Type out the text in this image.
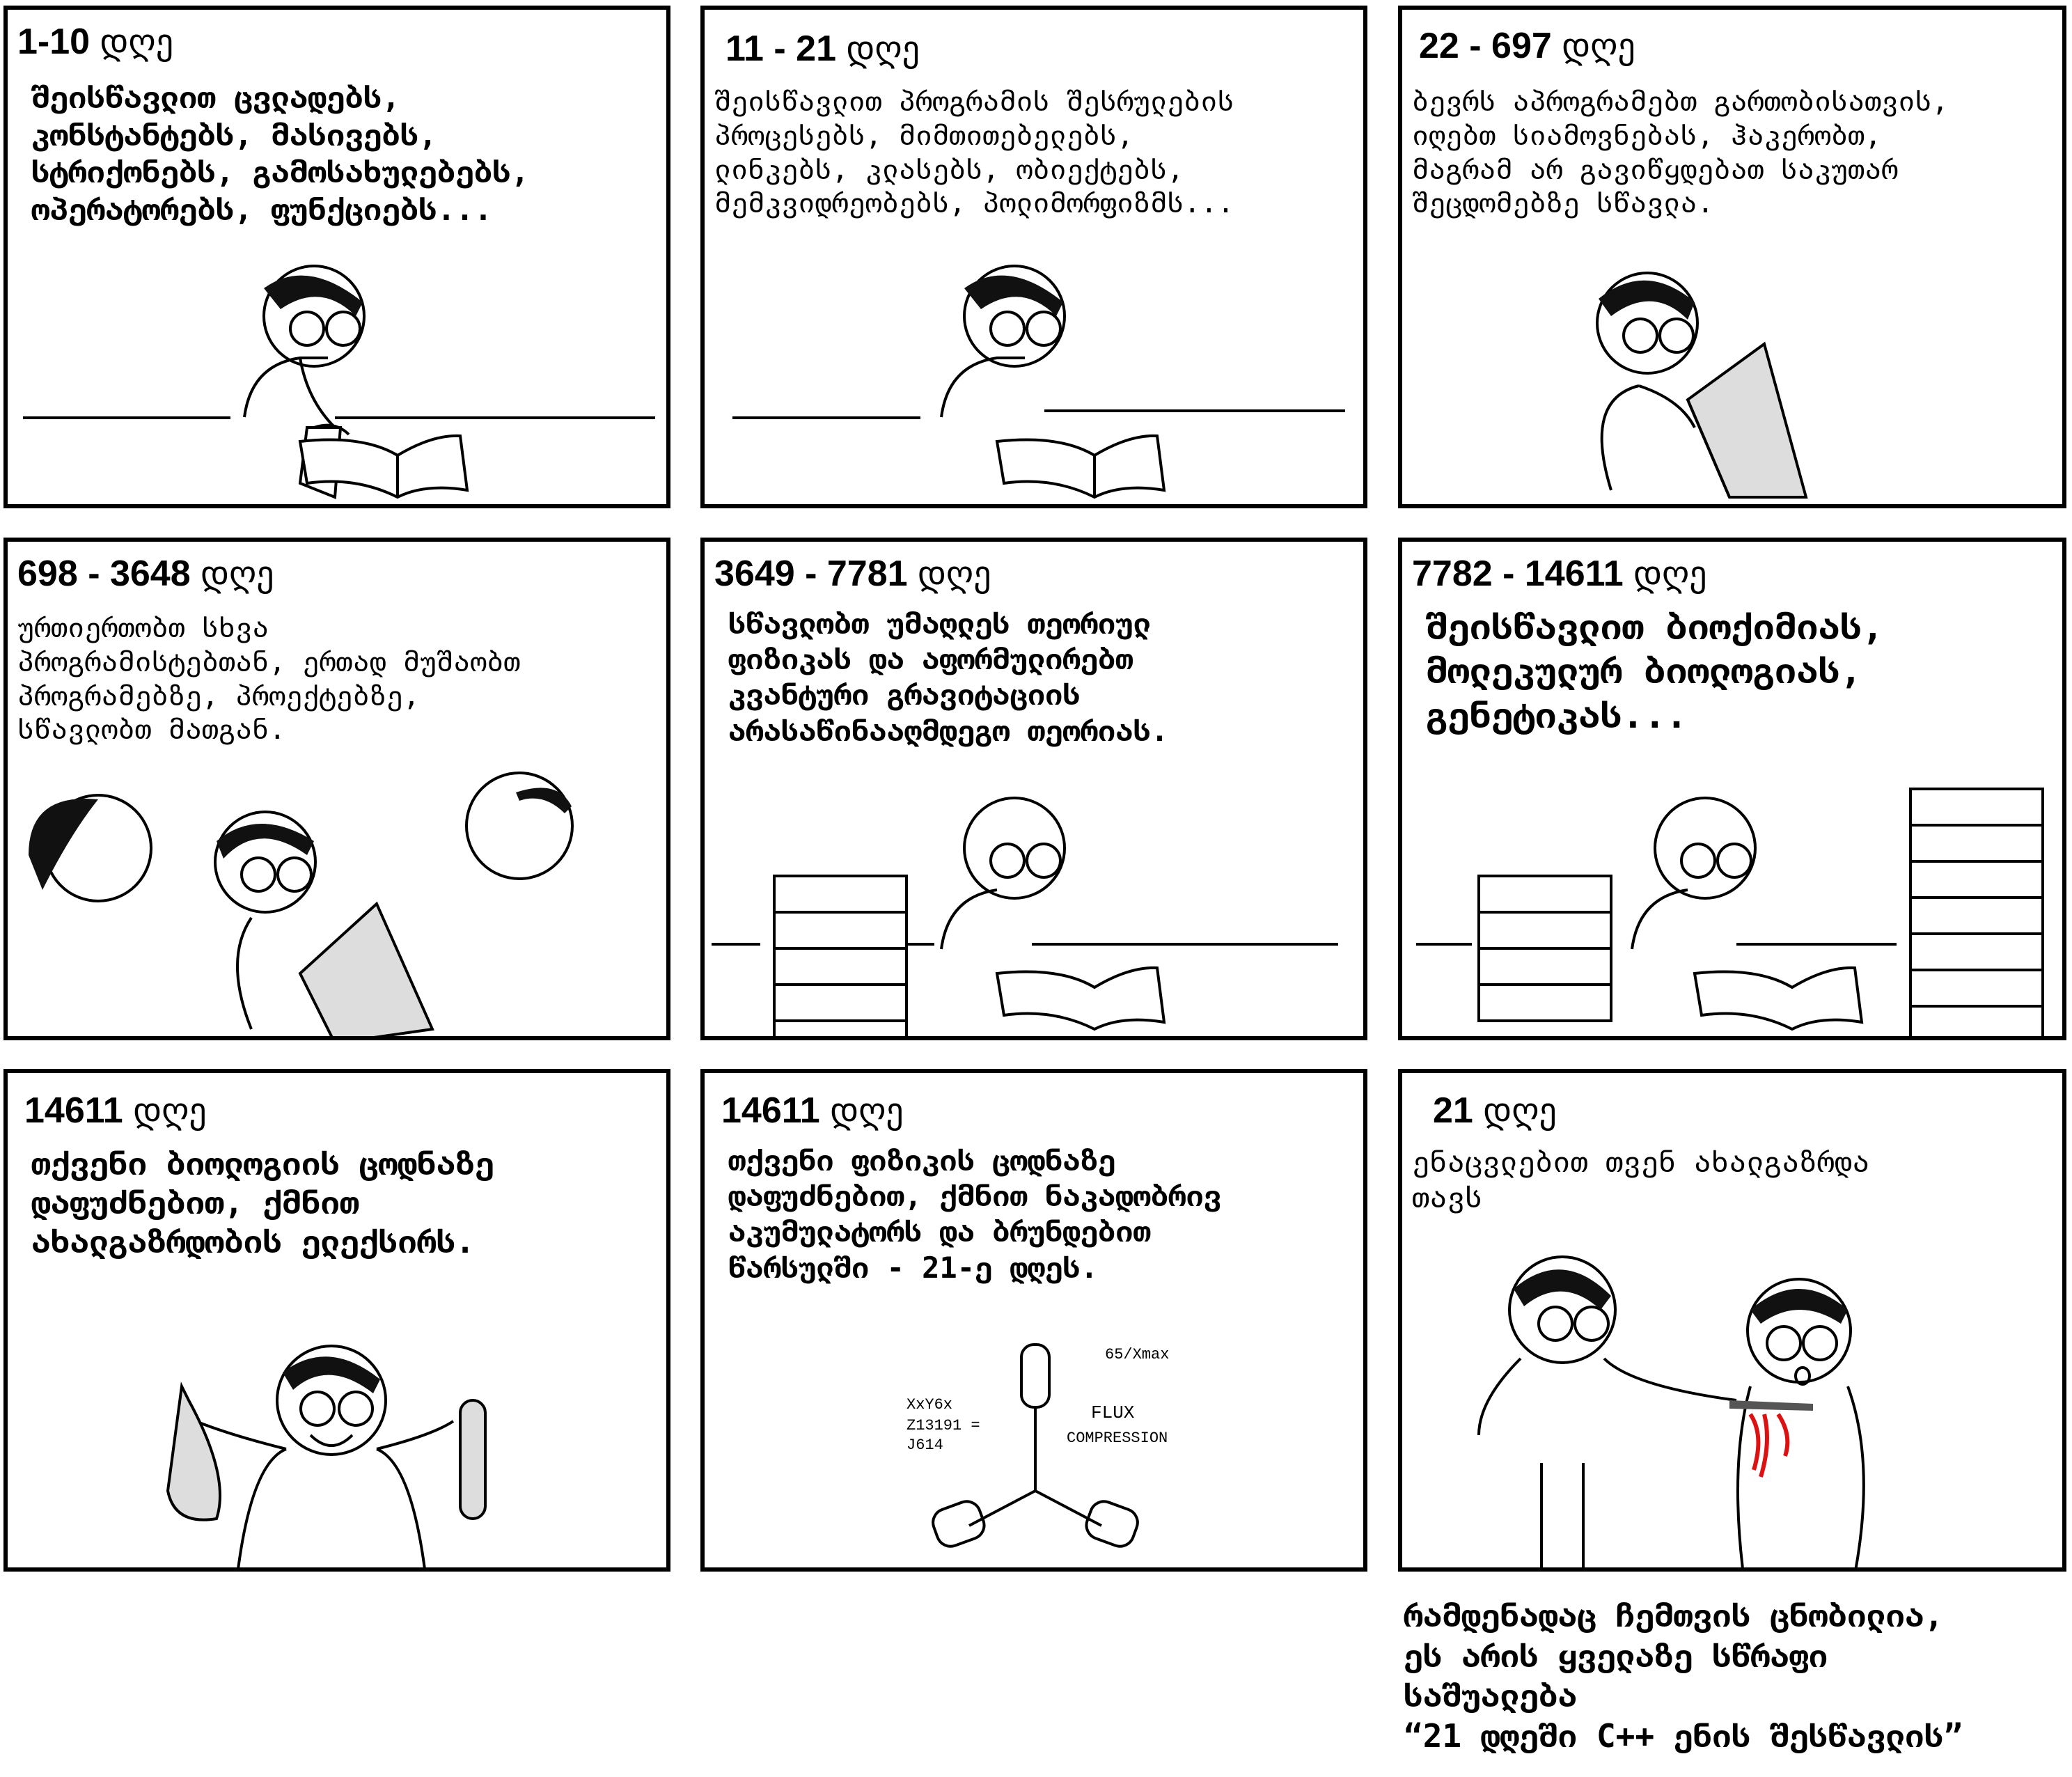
1-10 დღე
შეისწავლით ცვლადებს,
კონსტანტებს, მასივებს,
სტრიქონებს, გამოსახულებებს,
ოპერატორებს, ფუნქციებს...
11 - 21 დღე
შეისწავლით პროგრამის შესრულების
პროცესებს, მიმთითებელებს,
ლინკებს, კლასებს, ობიექტებს,
მემკვიდრეობებს, პოლიმორფიზმს...
22 - 697 დღე
ბევრს აპროგრამებთ გართობისათვის,
იღებთ სიამოვნებას, ჰაკერობთ,
მაგრამ არ გავიწყდებათ საკუთარ
შეცდომებზე სწავლა.
698 - 3648 დღე
ურთიერთობთ სხვა
პროგრამისტებთან, ერთად მუშაობთ
პროგრამებზე, პროექტებზე,
სწავლობთ მათგან.
3649 - 7781 დღე
სწავლობთ უმაღლეს თეორიულ
ფიზიკას და აფორმულირებთ
კვანტური გრავიტაციის
არასაწინააღმდეგო თეორიას.
7782 - 14611 დღე
შეისწავლით ბიოქიმიას,
მოლეკულურ ბიოლოგიას,
გენეტიკას...
14611 დღე
თქვენი ბიოლოგიის ცოდნაზე
დაფუძნებით, ქმნით
ახალგაზრდობის ელექსირს.
14611 დღე
თქვენი ფიზიკის ცოდნაზე
დაფუძნებით, ქმნით ნაკადობრივ
აკუმულატორს და ბრუნდებით
წარსულში - 21-ე დღეს.
XxY6x
Z13191 =
J614
65/Xmax
FLUX
COMPRESSION
21 დღე
ენაცვლებით თვენ ახალგაზრდა
თავს
რამდენადაც ჩემთვის ცნობილია,
ეს არის ყველაზე სწრაფი
საშუალება
“21 დღეში C++ ენის შესწავლის”
